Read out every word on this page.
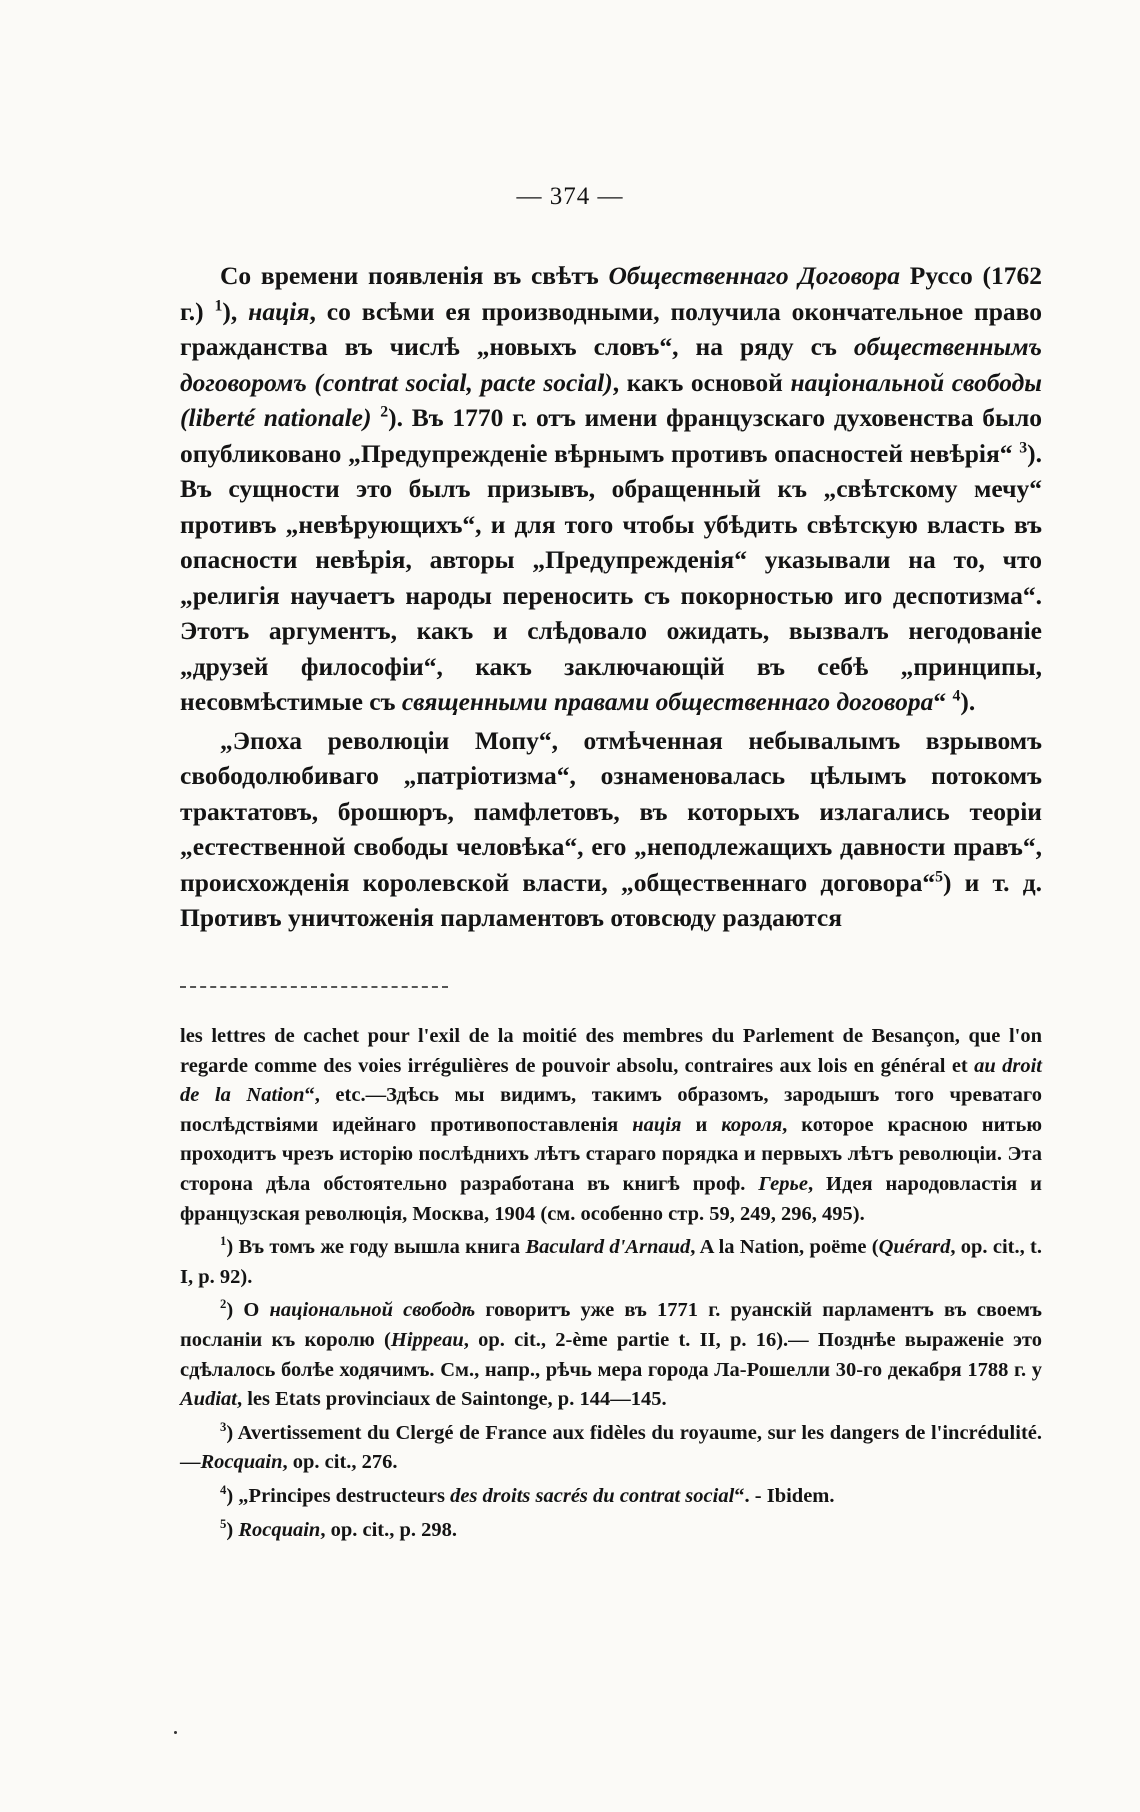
— 374 —

Со времени появленія въ свѣтъ Общественнаго Договора Руссо (1762 г.) $^1$), нація, со всѣми ея производными, получила окончательное право гражданства въ числѣ „новыхъ словъ“, на ряду съ общественнымъ договоромъ (contrat social, pacte social), какъ основой національной свободы (liberté nationale) $^2$). Въ 1770 г. отъ имени французскаго духовенства было опубликовано „Предупрежденіе вѣрнымъ противъ опасностей невѣрія“ $^3$). Въ сущности это былъ призывъ, обращенный къ „свѣтскому мечу“ противъ „невѣрующихъ“, и для того чтобы убѣдить свѣтскую власть въ опасности невѣрія, авторы „Предупрежденія“ указывали на то, что „религія научаетъ народы переносить съ покорностью иго деспотизма“. Этотъ аргументъ, какъ и слѣдовало ожидать, вызвалъ негодованіе „друзей философіи“, какъ заключающій въ себѣ „принципы, несовмѣстимые съ священными правами общественнаго договора“ $^4$).

„Эпоха революціи Мопу“, отмѣченная небывалымъ взрывомъ свободолюбиваго „патріотизма“, ознаменовалась цѣлымъ потокомъ трактатовъ, брошюръ, памфлетовъ, въ которыхъ излагались теоріи „естественной свободы человѣка“, его „неподлежащихъ давности правъ“, происхожденія королевской власти, „общественнаго договора“$^5$) и т. д. Противъ уничтоженія парламентовъ отовсюду раздаются

les lettres de cachet pour l'exil de la moitié des membres du Parlement de Besançon, que l'on regarde comme des voies irrégulières de pouvoir absolu, contraires aux lois en général et au droit de la Nation“, etc.—Здѣсь мы видимъ, такимъ образомъ, зародышъ того чреватаго послѣдствіями идейнаго противопоставленія нація и короля, которое красною нитью проходитъ чрезъ исторію послѣднихъ лѣтъ стараго порядка и первыхъ лѣтъ революціи. Эта сторона дѣла обстоятельно разработана въ книгѣ проф. Герье, Идея народовластія и французская революція, Москва, 1904 (см. особенно стр. 59, 249, 296, 495).

$^1$) Въ томъ же году вышла книга Baculard d'Arnaud, A la Nation, poëme (Quérard, op. cit., t. I, p. 92).

$^2$) О національной свободѣ говоритъ уже въ 1771 г. руанскій парламентъ въ своемъ посланіи къ королю (Hippeau, op. cit., 2-ème partie t. II, p. 16).— Позднѣе выраженіе это сдѣлалось болѣе ходячимъ. См., напр., рѣчь мера города Ла-Рошелли 30-го декабря 1788 г. у Audiat, les Etats provinciaux de Saintonge, p. 144—145.

$^3$) Avertissement du Clergé de France aux fidèles du royaume, sur les dangers de l'incrédulité.—Rocquain, op. cit., 276.

$^4$) „Principes destructeurs des droits sacrés du contrat social“. - Ibidem.

$^5$) Rocquain, op. cit., p. 298.
